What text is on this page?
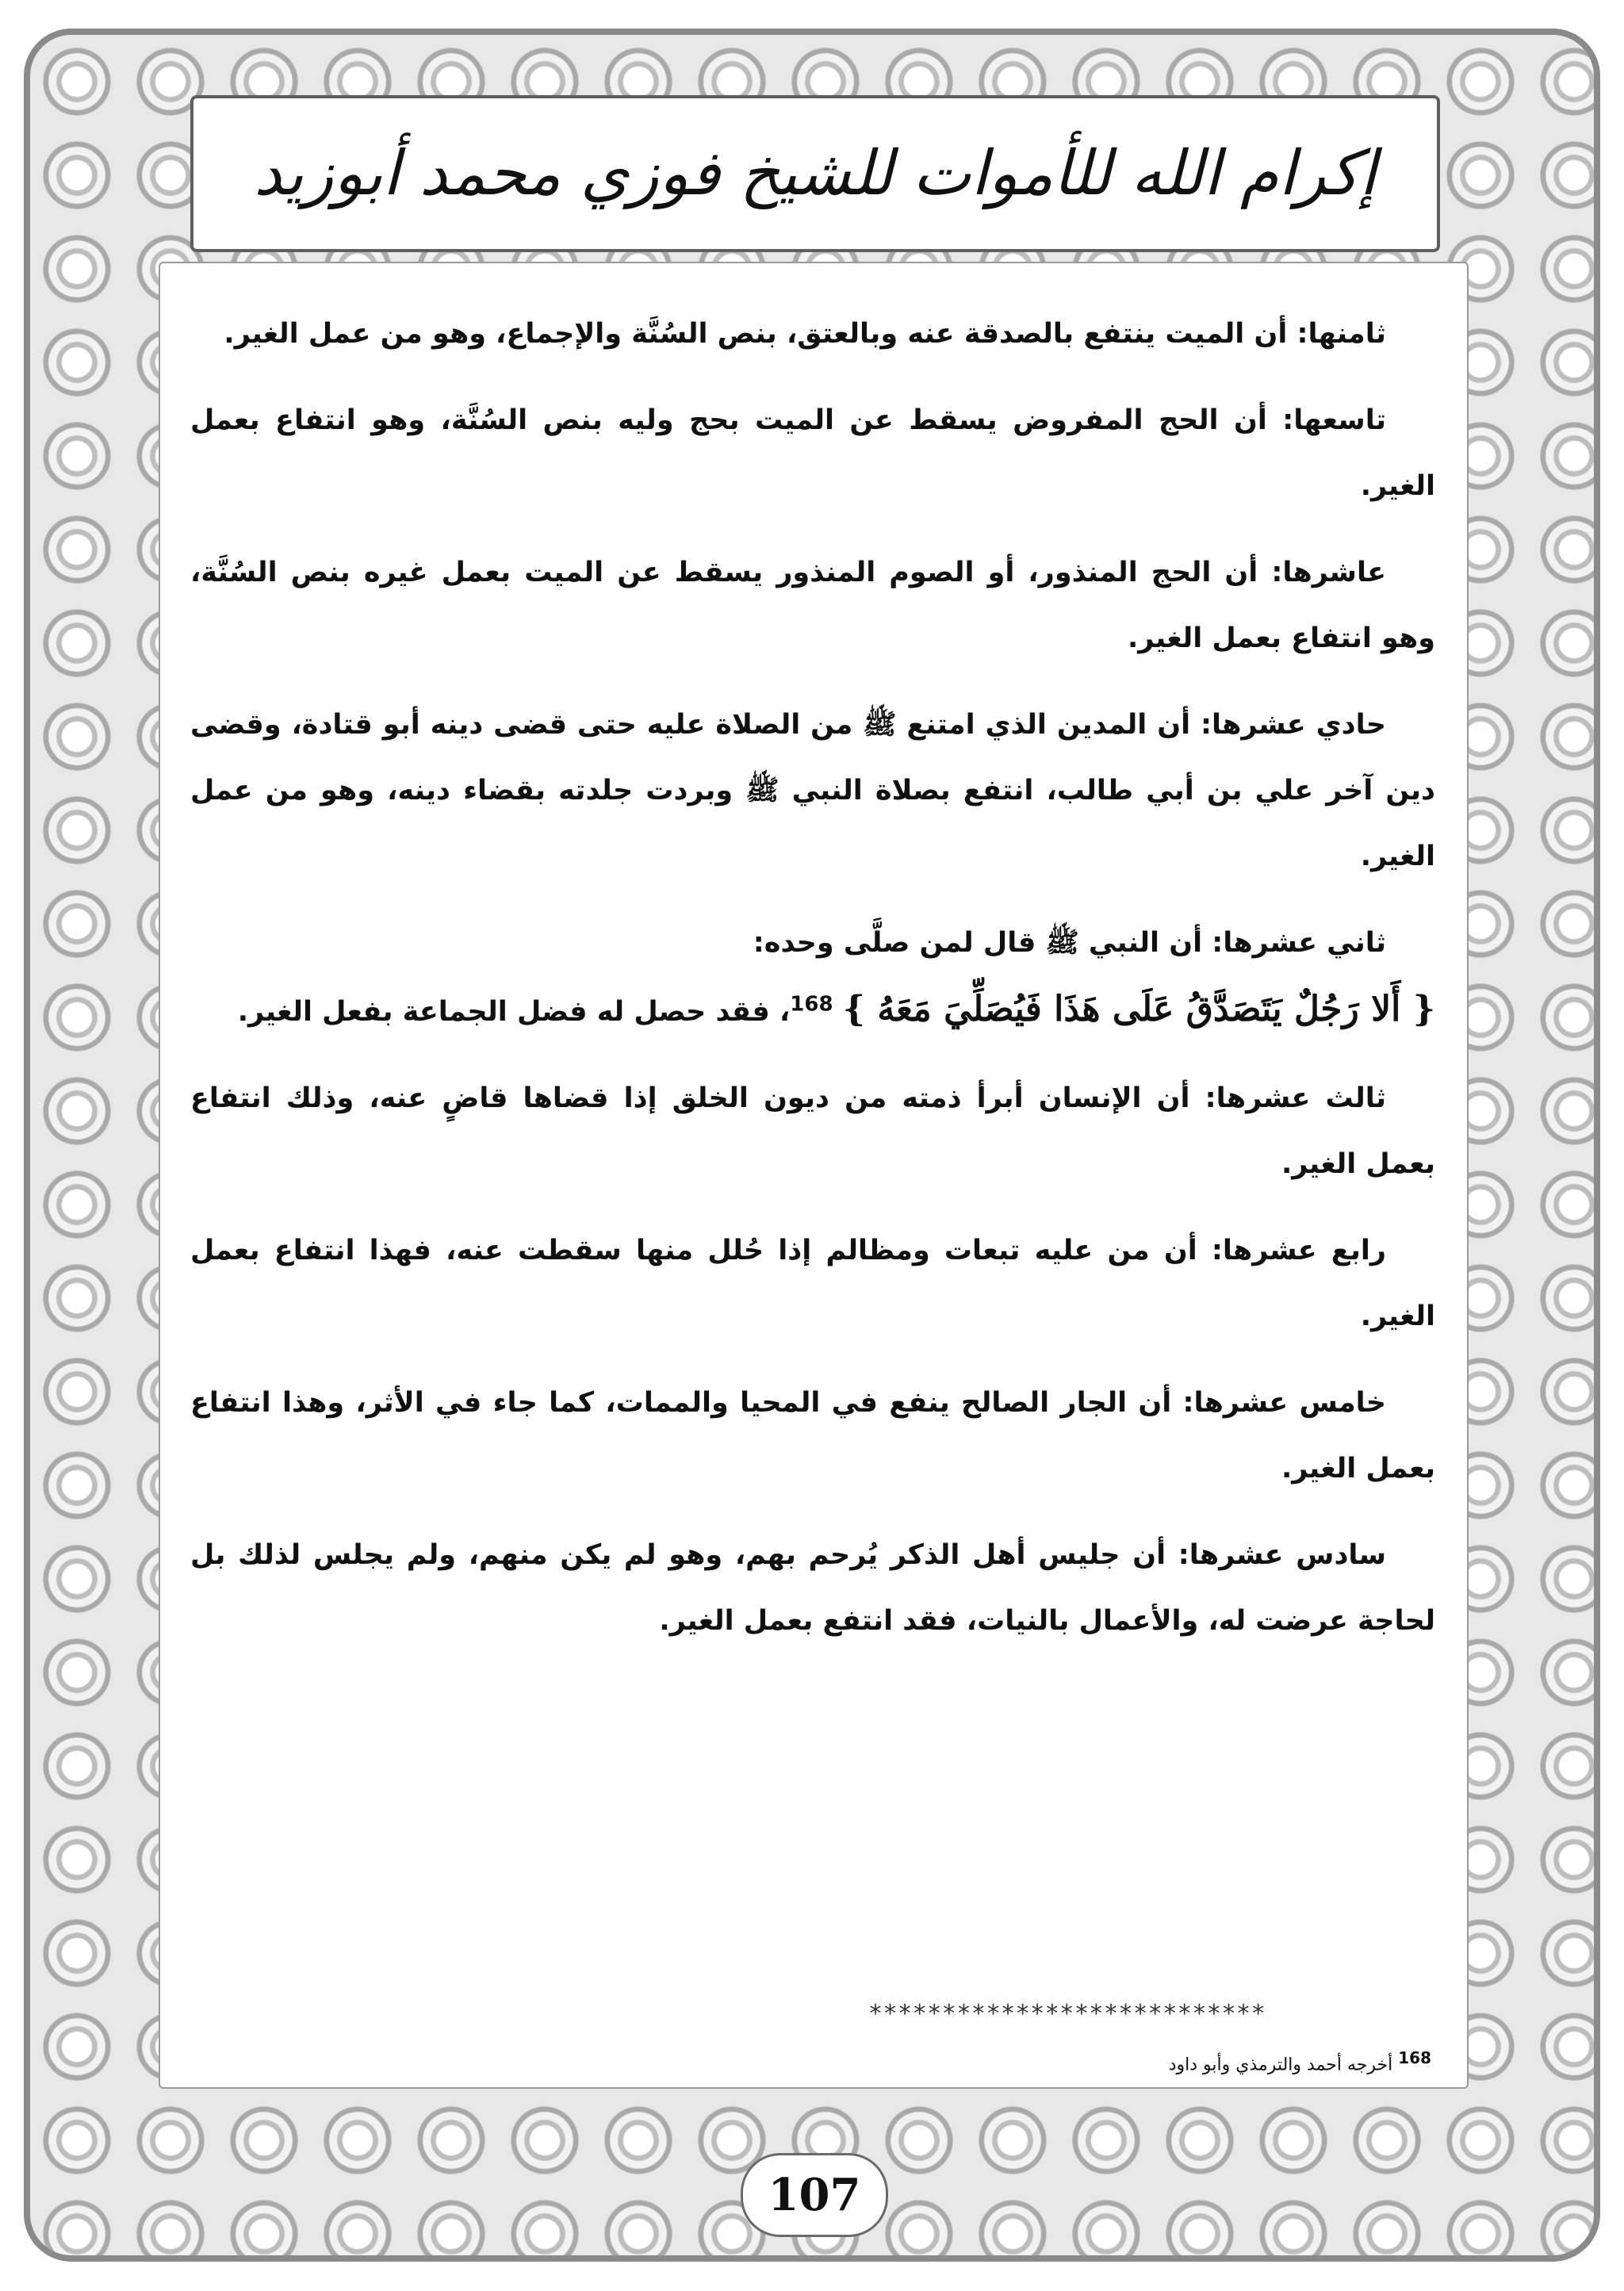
إكرام الله للأموات للشيخ فوزي محمد أبوزيد

ثامنها: أن الميت ينتفع بالصدقة عنه وبالعتق، بنص السُنَّة والإجماع، وهو من عمل الغير.

تاسعها: أن الحج المفروض يسقط عن الميت بحج وليه بنص السُنَّة، وهو انتفاع بعمل الغير.

عاشرها: أن الحج المنذور، أو الصوم المنذور يسقط عن الميت بعمل غيره بنص السُنَّة، وهو انتفاع بعمل الغير.

حادي عشرها: أن المدين الذي امتنع ﷺ من الصلاة عليه حتى قضى دينه أبو قتادة، وقضى دين آخر علي بن أبي طالب، انتفع بصلاة النبي ﷺ وبردت جلدته بقضاء دينه، وهو من عمل الغير.

ثاني عشرها: أن النبي ﷺ قال لمن صلَّى وحده:

{ أَلا رَجُلٌ يَتَصَدَّقُ عَلَى هَذَا فَيُصَلِّيَ مَعَهُ } $^{168}$، فقد حصل له فضل الجماعة بفعل الغير.

ثالث عشرها: أن الإنسان أبرأ ذمته من ديون الخلق إذا قضاها قاضٍ عنه، وذلك انتفاع بعمل الغير.

رابع عشرها: أن من عليه تبعات ومظالم إذا حُلل منها سقطت عنه، فهذا انتفاع بعمل الغير.

خامس عشرها: أن الجار الصالح ينفع في المحيا والممات، كما جاء في الأثر، وهذا انتفاع بعمل الغير.

سادس عشرها: أن جليس أهل الذكر يُرحم بهم، وهو لم يكن منهم، ولم يجلس لذلك بل لحاجة عرضت له، والأعمال بالنيات، فقد انتفع بعمل الغير.

***************************
168 أخرجه أحمد والترمذي وأبو داود
107
